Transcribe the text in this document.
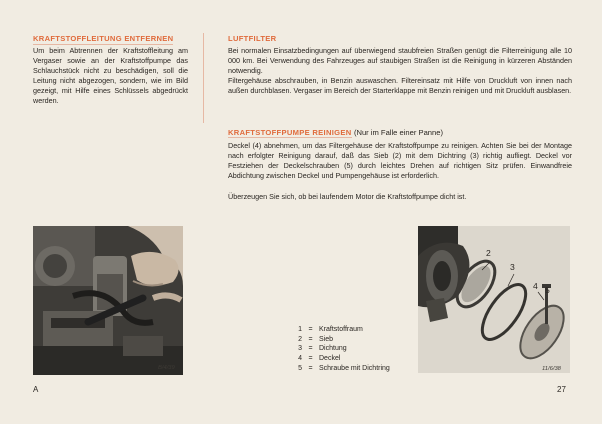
KRAFTSTOFFLEITUNG ENTFERNEN
Um beim Abtrennen der Kraftstoffleitung am Vergaser sowie an der Kraftstoffpumpe das Schlauchstück nicht zu beschädigen, soll die Leitung nicht abgezogen, sondern, wie im Bild gezeigt, mit Hilfe eines Schlüssels abgedrückt werden.
LUFTFILTER
Bei normalen Einsatzbedingungen auf überwiegend staubfreien Straßen genügt die Filterreinigung alle 10 000 km. Bei Verwendung des Fahrzeuges auf staubigen Straßen ist die Reinigung in kürzeren Abständen notwendig.
Filtergehäuse abschrauben, in Benzin auswaschen. Filtereinsatz mit Hilfe von Druckluft von innen nach außen durchblasen. Vergaser im Bereich der Starterklappe mit Benzin reinigen und mit Druckluft ausblasen.
KRAFTSTOFFPUMPE REINIGEN (Nur im Falle einer Panne)
Deckel (4) abnehmen, um das Filtergehäuse der Kraftstoffpumpe zu reinigen. Achten Sie bei der Montage nach erfolgter Reinigung darauf, daß das Sieb (2) mit dem Dichtring (3) richtig aufliegt. Deckel vor Festziehen der Deckelschrauben (5) durch leichtes Drehen auf richtigen Sitz prüfen. Einwandfreie Abdichtung zwischen Deckel und Pumpengehäuse ist erforderlich.
Überzeugen Sie sich, ob bei laufendem Motor die Kraftstoffpumpe dicht ist.
B/4/39
1 = Kraftstoffraum
2 = Sieb
3 = Dichtung
4 = Deckel
5 = Schraube mit Dichtring
2
3
4 5
11/6/38
A	27
